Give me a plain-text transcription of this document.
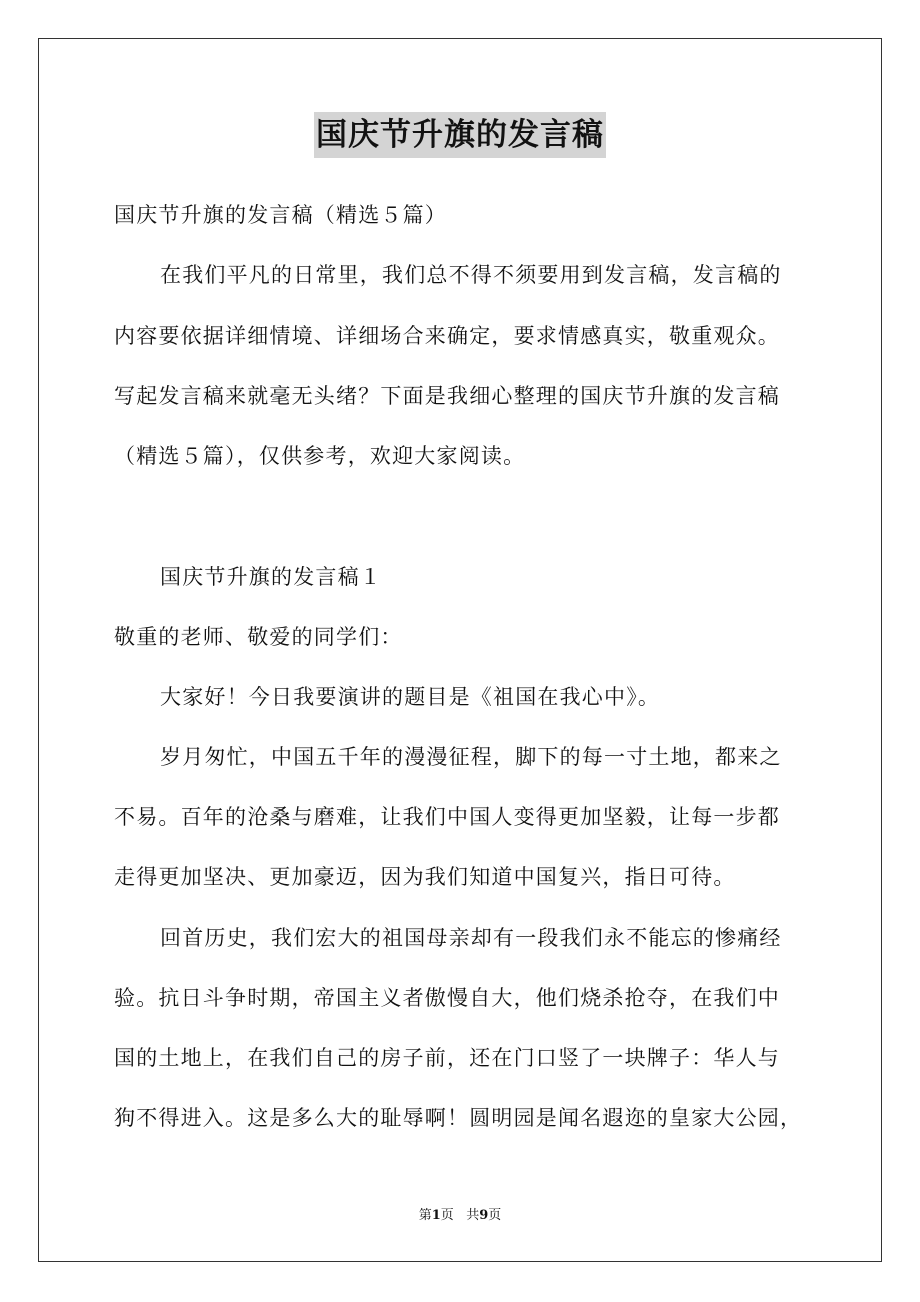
国庆节升旗的发言稿
国庆节升旗的发言稿（精选５篇）
在我们平凡的日常里，我们总不得不须要用到发言稿，发言稿的
内容要依据详细情境、详细场合来确定，要求情感真实，敬重观众。
写起发言稿来就毫无头绪？下面是我细心整理的国庆节升旗的发言稿
（精选５篇），仅供参考，欢迎大家阅读。
国庆节升旗的发言稿１
敬重的老师、敬爱的同学们：
大家好！今日我要演讲的题目是《祖国在我心中》。
岁月匆忙，中国五千年的漫漫征程，脚下的每一寸土地，都来之
不易。百年的沧桑与磨难，让我们中国人变得更加坚毅，让每一步都
走得更加坚决、更加豪迈，因为我们知道中国复兴，指日可待。
回首历史，我们宏大的祖国母亲却有一段我们永不能忘的惨痛经
验。抗日斗争时期，帝国主义者傲慢自大，他们烧杀抢夺，在我们中
国的土地上，在我们自己的房子前，还在门口竖了一块牌子：华人与
狗不得进入。这是多么大的耻辱啊！圆明园是闻名遐迩的皇家大公园，
第1页 共9页
